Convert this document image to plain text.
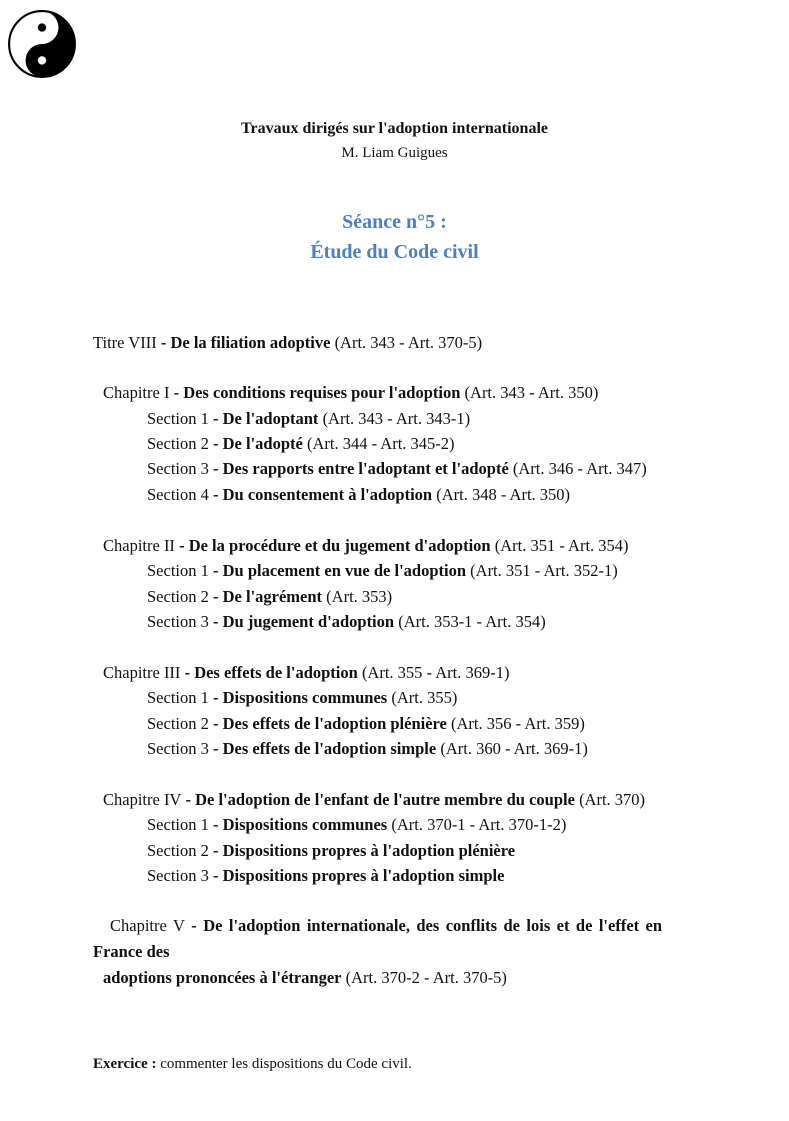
Travaux dirigés sur l'adoption internationale
M. Liam Guigues
Séance n°5 :
Étude du Code civil
Titre VIII - De la filiation adoptive (Art. 343 - Art. 370-5)
Chapitre I - Des conditions requises pour l'adoption (Art. 343 - Art. 350)
Section 1 - De l'adoptant (Art. 343 - Art. 343-1)
Section 2 - De l'adopté (Art. 344 - Art. 345-2)
Section 3 - Des rapports entre l'adoptant et l'adopté (Art. 346 - Art. 347)
Section 4 - Du consentement à l'adoption (Art. 348 - Art. 350)
Chapitre II - De la procédure et du jugement d'adoption (Art. 351 - Art. 354)
Section 1 - Du placement en vue de l'adoption (Art. 351 - Art. 352-1)
Section 2 - De l'agrément (Art. 353)
Section 3 - Du jugement d'adoption (Art. 353-1 - Art. 354)
Chapitre III - Des effets de l'adoption (Art. 355 - Art. 369-1)
Section 1 - Dispositions communes (Art. 355)
Section 2 - Des effets de l'adoption plénière (Art. 356 - Art. 359)
Section 3 - Des effets de l'adoption simple (Art. 360 - Art. 369-1)
Chapitre IV - De l'adoption de l'enfant de l'autre membre du couple (Art. 370)
Section 1 - Dispositions communes (Art. 370-1 - Art. 370-1-2)
Section 2 - Dispositions propres à l'adoption plénière
Section 3 - Dispositions propres à l'adoption simple
Chapitre V - De l'adoption internationale, des conflits de lois et de l'effet en
France des
adoptions prononcées à l'étranger (Art. 370-2 - Art. 370-5)
Exercice : commenter les dispositions du Code civil.
